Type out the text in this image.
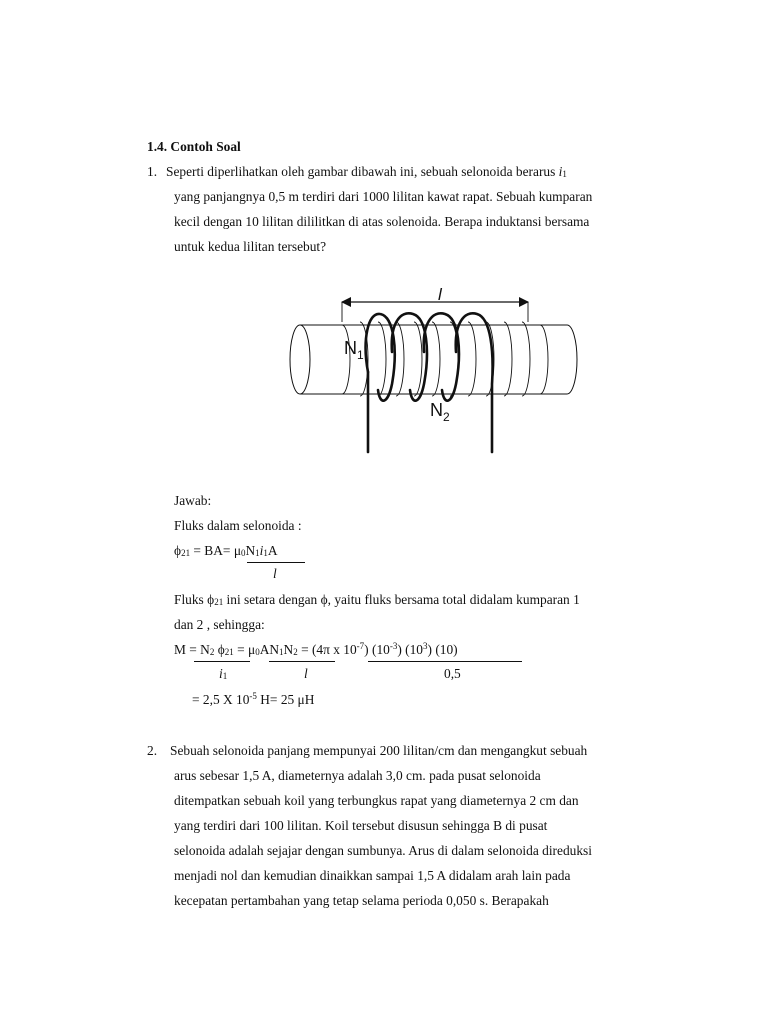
1.4. Contoh Soal
1. Seperti diperlihatkan oleh gambar dibawah ini, sebuah selonoida berarus $i_1$
yang panjangnya 0,5 m terdiri dari 1000 lilitan kawat rapat. Sebuah kumparan
kecil dengan 10 lilitan dililitkan di atas solenoida. Berapa induktansi bersama
untuk kedua lilitan tersebut?
l
$N_1$
$N_2$
Jawab:
Fluks dalam selonoida :
$\phi_{21} = BA= \mu_0N_1i_1A$
l
Fluks $\phi_{21}$ ini setara dengan ϕ, yaitu fluks bersama total didalam kumparan 1
dan 2 , sehingga:
$M = N_2$ $\phi_{21} = \mu_0AN_1N_2 = (4\pi$ x $10^{-7}$) $(10^{-3})$ $(10^3)$ (10)
$i_1$	l	0,5
= 2,5 X $10^{-5}$ H= 25 μH
2. Sebuah selonoida panjang mempunyai 200 lilitan/cm dan mengangkut sebuah
arus sebesar 1,5 A, diameternya adalah 3,0 cm. pada pusat selonoida
ditempatkan sebuah koil yang terbungkus rapat yang diameternya 2 cm dan
yang terdiri dari 100 lilitan. Koil tersebut disusun sehingga B di pusat
selonoida adalah sejajar dengan sumbunya. Arus di dalam selonoida direduksi
menjadi nol dan kemudian dinaikkan sampai 1,5 A didalam arah lain pada
kecepatan pertambahan yang tetap selama perioda 0,050 s. Berapakah
